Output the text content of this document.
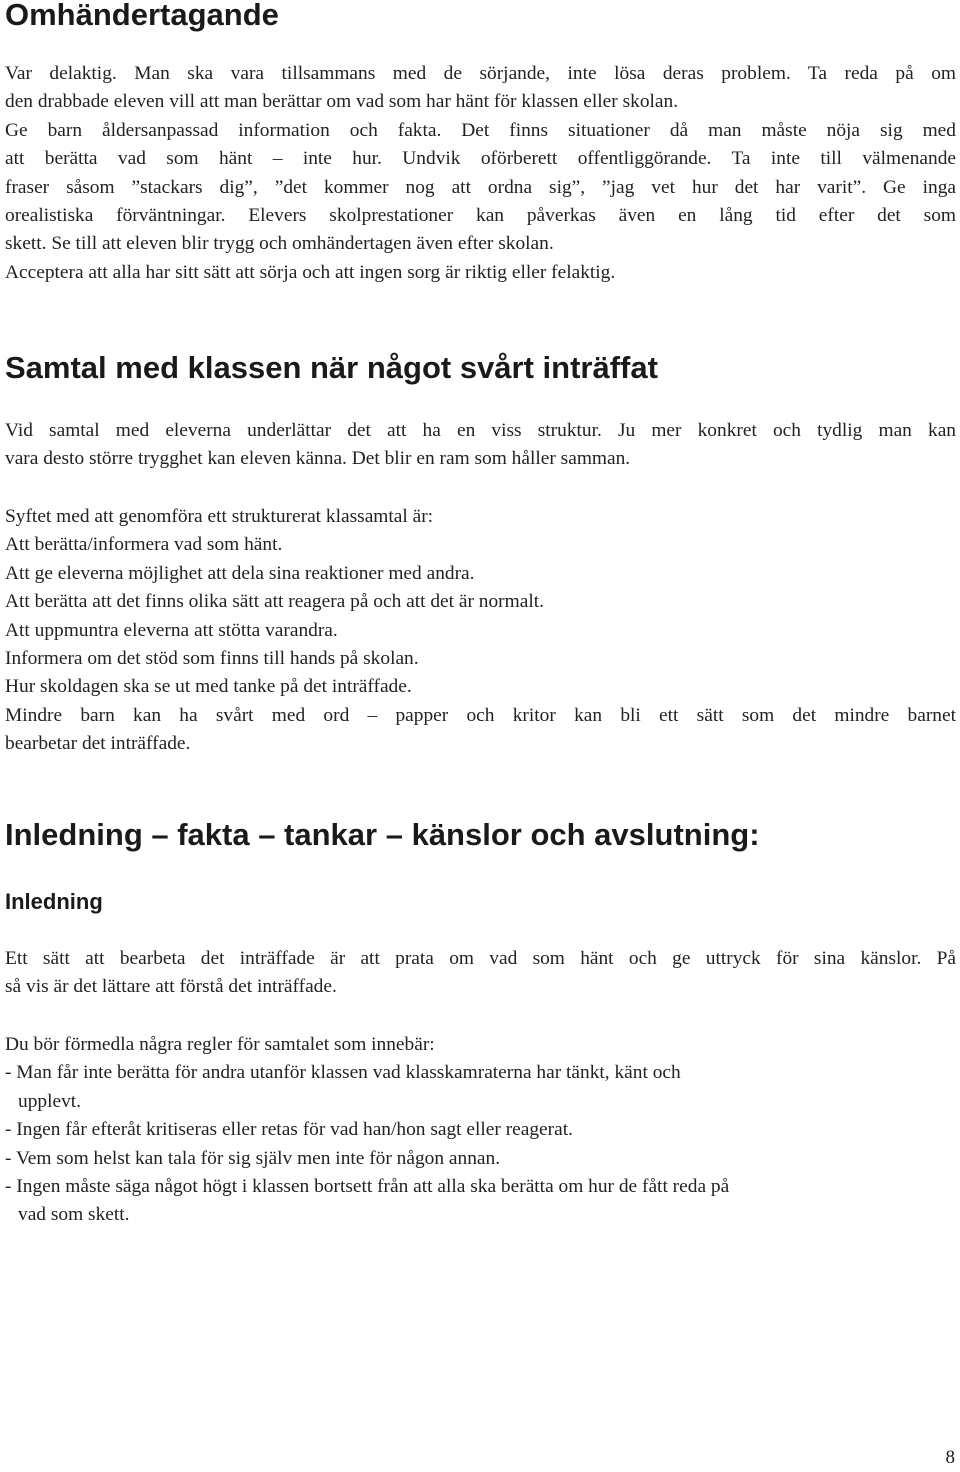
Omhändertagande
Var delaktig. Man ska vara tillsammans med de sörjande, inte lösa deras problem. Ta reda på om
den drabbade eleven vill att man berättar om vad som har hänt för klassen eller skolan.
Ge barn åldersanpassad information och fakta. Det finns situationer då man måste nöja sig med
att berätta vad som hänt – inte hur. Undvik oförberett offentliggörande. Ta inte till välmenande
fraser såsom ”stackars dig”, ”det kommer nog att ordna sig”, ”jag vet hur det har varit”. Ge inga
orealistiska förväntningar. Elevers skolprestationer kan påverkas även en lång tid efter det som
skett. Se till att eleven blir trygg och omhändertagen även efter skolan.
Acceptera att alla har sitt sätt att sörja och att ingen sorg är riktig eller felaktig.
Samtal med klassen när något svårt inträffat
Vid samtal med eleverna underlättar det att ha en viss struktur. Ju mer konkret och tydlig man kan
vara desto större trygghet kan eleven känna. Det blir en ram som håller samman.
Syftet med att genomföra ett strukturerat klassamtal är:
Att berätta/informera vad som hänt.
Att ge eleverna möjlighet att dela sina reaktioner med andra.
Att berätta att det finns olika sätt att reagera på och att det är normalt.
Att uppmuntra eleverna att stötta varandra.
Informera om det stöd som finns till hands på skolan.
Hur skoldagen ska se ut med tanke på det inträffade.
Mindre barn kan ha svårt med ord – papper och kritor kan bli ett sätt som det mindre barnet
bearbetar det inträffade.
Inledning – fakta – tankar – känslor och avslutning:
Inledning
Ett sätt att bearbeta det inträffade är att prata om vad som hänt och ge uttryck för sina känslor. På
så vis är det lättare att förstå det inträffade.
Du bör förmedla några regler för samtalet som innebär:
- Man får inte berätta för andra utanför klassen vad klasskamraterna har tänkt, känt och
upplevt.
- Ingen får efteråt kritiseras eller retas för vad han/hon sagt eller reagerat.
- Vem som helst kan tala för sig själv men inte för någon annan.
- Ingen måste säga något högt i klassen bortsett från att alla ska berätta om hur de fått reda på
vad som skett.

8
